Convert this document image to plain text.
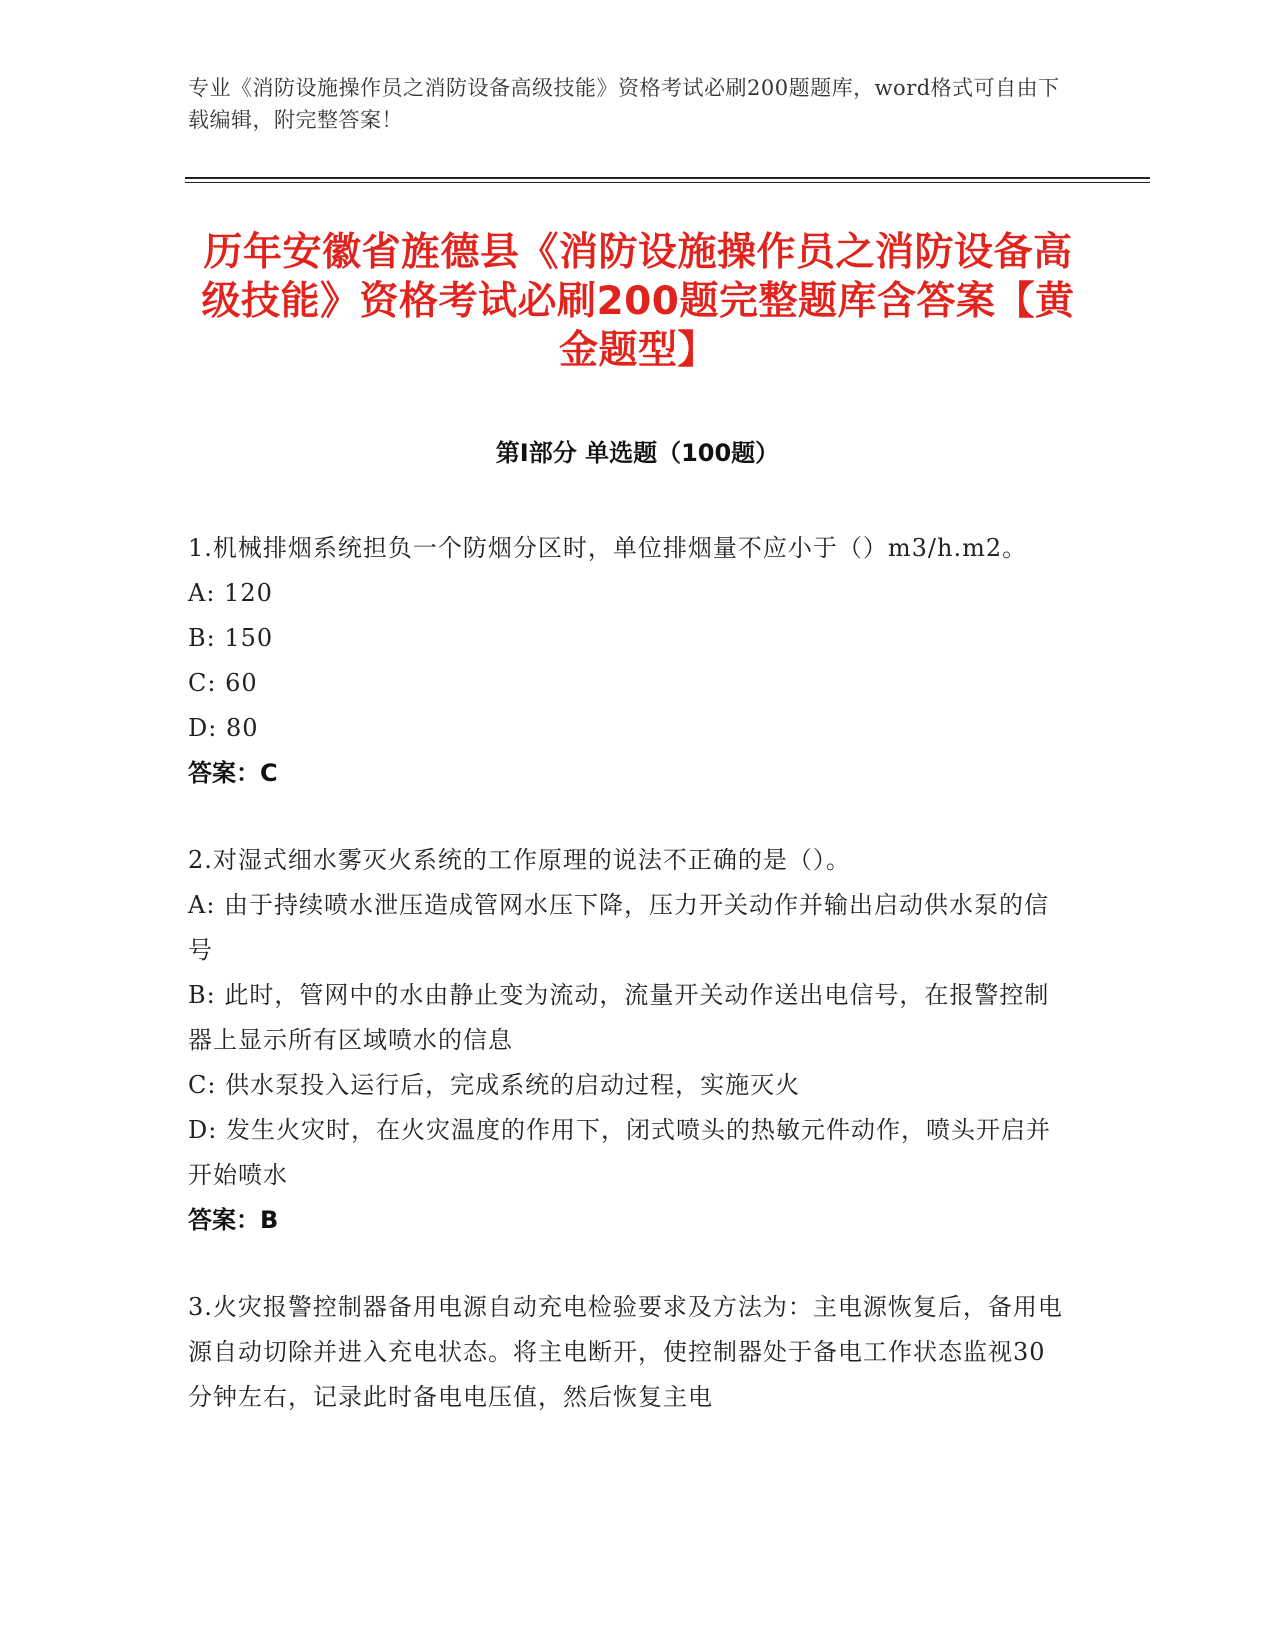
专业《消防设施操作员之消防设备高级技能》资格考试必刷200题题库，word格式可自由下载编辑，附完整答案！
历年安徽省旌德县《消防设施操作员之消防设备高级技能》资格考试必刷200题完整题库含答案【黄金题型】
第Ⅰ部分 单选题（100题）
1.机械排烟系统担负一个防烟分区时，单位排烟量不应小于（）m3/h.m2。
A: 120
B: 150
C: 60
D: 80
答案：C
2.对湿式细水雾灭火系统的工作原理的说法不正确的是（）。
A: 由于持续喷水泄压造成管网水压下降，压力开关动作并输出启动供水泵的信号
B: 此时，管网中的水由静止变为流动，流量开关动作送出电信号，在报警控制器上显示所有区域喷水的信息
C: 供水泵投入运行后，完成系统的启动过程，实施灭火
D: 发生火灾时，在火灾温度的作用下，闭式喷头的热敏元件动作，喷头开启并开始喷水
答案：B
3.火灾报警控制器备用电源自动充电检验要求及方法为：主电源恢复后，备用电源自动切除并进入充电状态。将主电断开，使控制器处于备电工作状态监视30分钟左右，记录此时备电电压值，然后恢复主电
